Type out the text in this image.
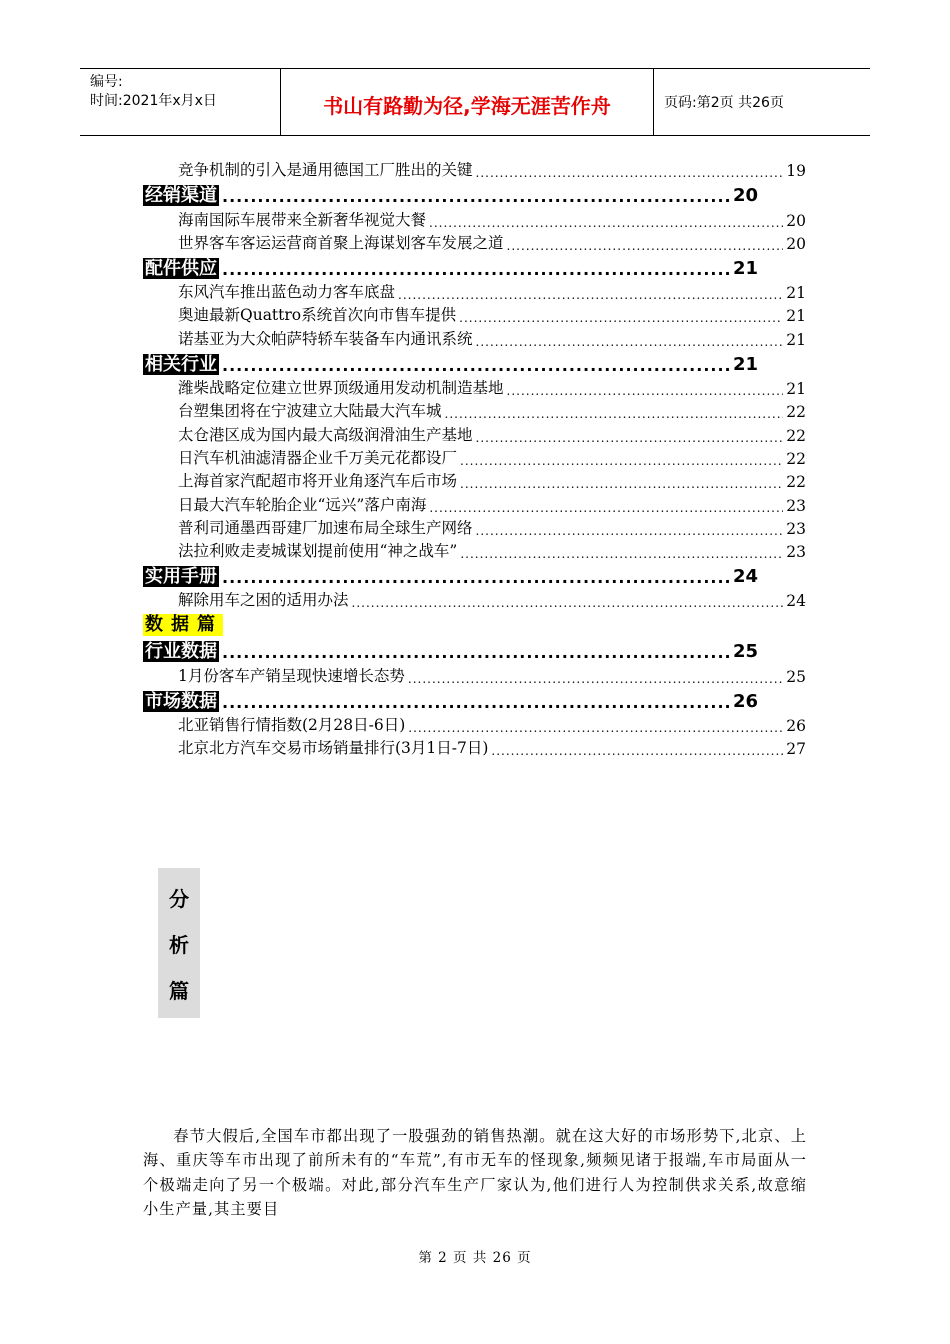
编号:
时间:2021年x月x日	书山有路勤为径,学海无涯苦作舟	页码:第2页 共26页
竞争机制的引入是通用德国工厂胜出的关键 .....	19
经销渠道 .....	20
海南国际车展带来全新奢华视觉大餐 .....	20
世界客车客运运营商首聚上海谋划客车发展之道 .....	20
配件供应 .....	21
东风汽车推出蓝色动力客车底盘 .....	21
奥迪最新Quattro系统首次向市售车提供 .....	21
诺基亚为大众帕萨特轿车装备车内通讯系统 .....	21
相关行业 .....	21
潍柴战略定位建立世界顶级通用发动机制造基地 .....	21
台塑集团将在宁波建立大陆最大汽车城 .....	22
太仓港区成为国内最大高级润滑油生产基地 .....	22
日汽车机油滤清器企业千万美元花都设厂 .....	22
上海首家汽配超市将开业角逐汽车后市场 .....	22
日最大汽车轮胎企业“远兴”落户南海 .....	23
普利司通墨西哥建厂加速布局全球生产网络 .....	23
法拉利败走麦城谋划提前使用“神之战车” .....	23
实用手册 .....	24
解除用车之困的适用办法 .....	24
数据篇
行业数据 .....	25
1月份客车产销呈现快速增长态势 .....	25
市场数据 .....	26
北亚销售行情指数(2月28日-6日) .....	26
北京北方汽车交易市场销量排行(3月1日-7日) .....	27
分
析
篇
春节大假后,全国车市都出现了一股强劲的销售热潮。就在这大好的市场形势下,北京、上海、重庆等车市出现了前所未有的“车荒”,有市无车的怪现象,频频见诸于报端,车市局面从一个极端走向了另一个极端。对此,部分汽车生产厂家认为,他们进行人为控制供求关系,故意缩小生产量,其主要目
第 2 页 共 26 页
